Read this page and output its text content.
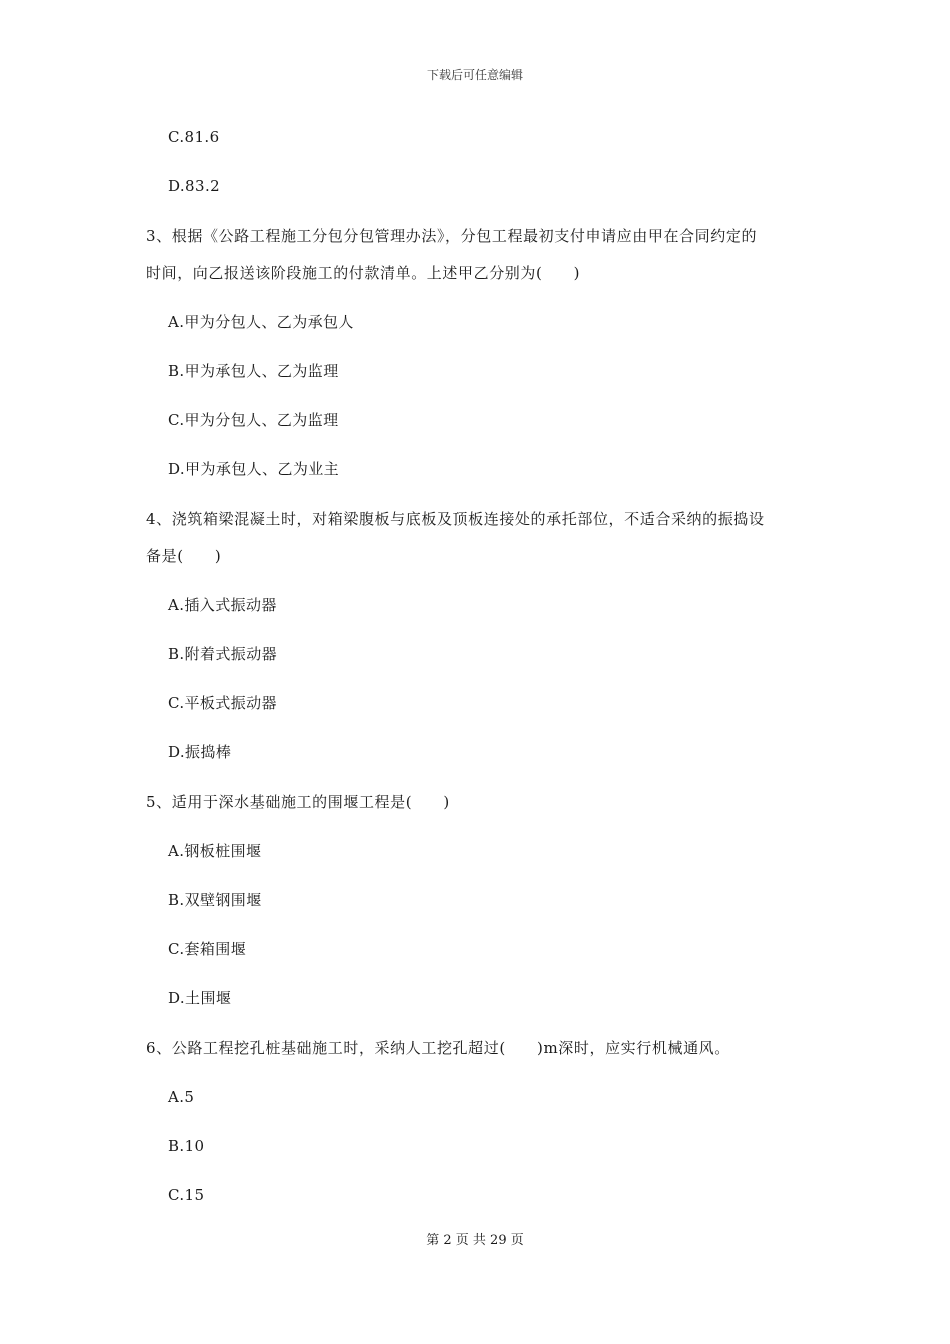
下载后可任意编辑
C.81.6
D.83.2
3、根据《公路工程施工分包分包管理办法》，分包工程最初支付申请应由甲在合同约定的
时间，向乙报送该阶段施工的付款清单。上述甲乙分别为(　　)
A.甲为分包人、乙为承包人
B.甲为承包人、乙为监理
C.甲为分包人、乙为监理
D.甲为承包人、乙为业主
4、浇筑箱梁混凝土时，对箱梁腹板与底板及顶板连接处的承托部位，不适合采纳的振捣设
备是(　　)
A.插入式振动器
B.附着式振动器
C.平板式振动器
D.振捣棒
5、适用于深水基础施工的围堰工程是(　　)
A.钢板桩围堰
B.双壁钢围堰
C.套箱围堰
D.土围堰
6、公路工程挖孔桩基础施工时，采纳人工挖孔超过(　　)m深时，应实行机械通风。
A.5
B.10
C.15
第 2 页 共 29 页
